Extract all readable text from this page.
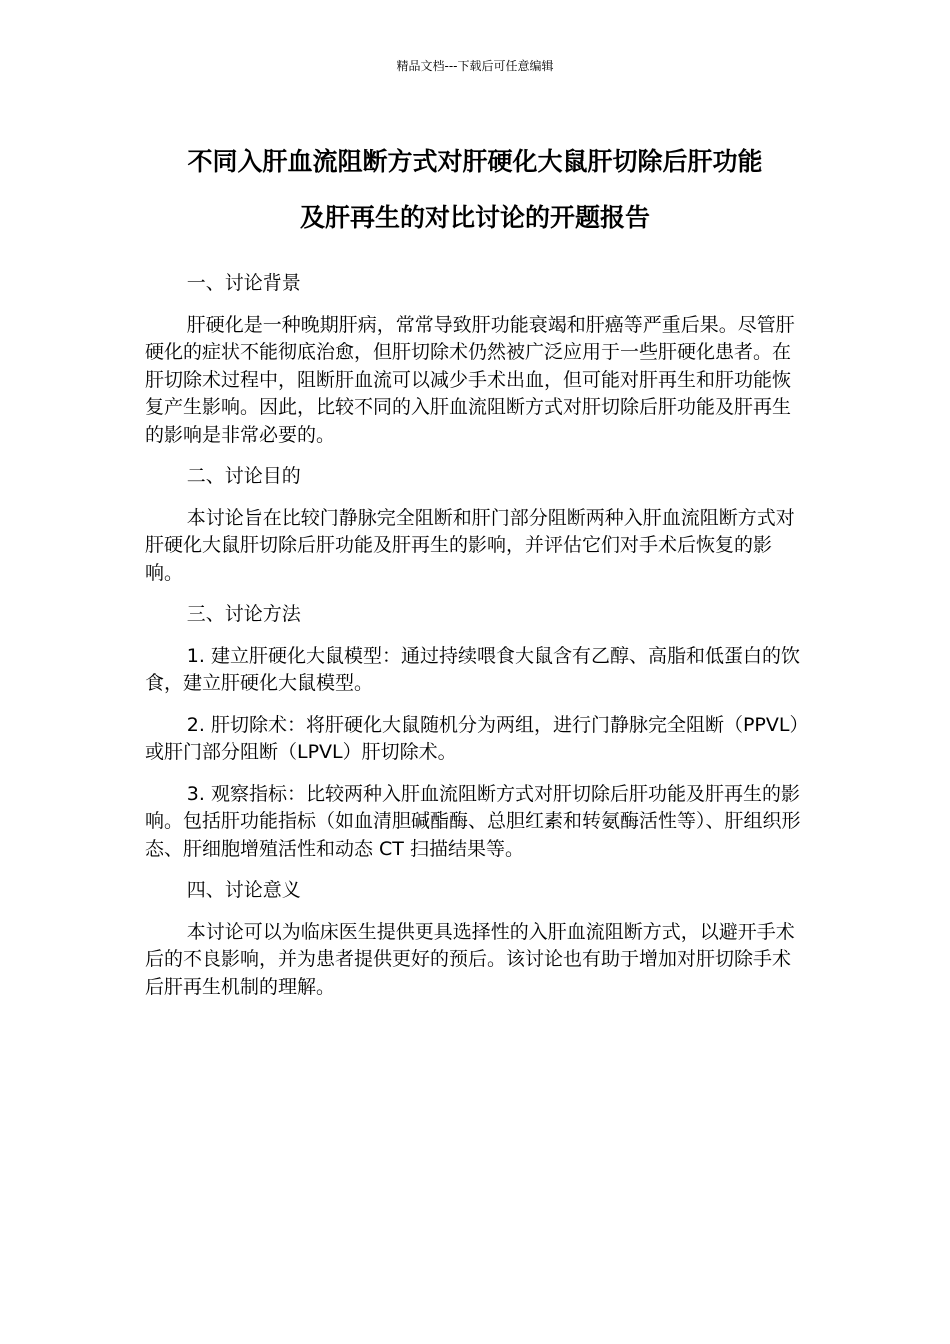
精品文档---下载后可任意编辑
不同入肝血流阻断方式对肝硬化大鼠肝切除后肝功能
及肝再生的对比讨论的开题报告

一、讨论背景

肝硬化是一种晚期肝病，常常导致肝功能衰竭和肝癌等严重后果。尽管肝硬化的症状不能彻底治愈，但肝切除术仍然被广泛应用于一些肝硬化患者。在肝切除术过程中，阻断肝血流可以减少手术出血，但可能对肝再生和肝功能恢复产生影响。因此，比较不同的入肝血流阻断方式对肝切除后肝功能及肝再生的影响是非常必要的。

二、讨论目的

本讨论旨在比较门静脉完全阻断和肝门部分阻断两种入肝血流阻断方式对肝硬化大鼠肝切除后肝功能及肝再生的影响，并评估它们对手术后恢复的影响。

三、讨论方法

1. 建立肝硬化大鼠模型：通过持续喂食大鼠含有乙醇、高脂和低蛋白的饮食，建立肝硬化大鼠模型。

2. 肝切除术：将肝硬化大鼠随机分为两组，进行门静脉完全阻断（PPVL）或肝门部分阻断（LPVL）肝切除术。

3. 观察指标：比较两种入肝血流阻断方式对肝切除后肝功能及肝再生的影响。包括肝功能指标（如血清胆碱酯酶、总胆红素和转氨酶活性等）、肝组织形态、肝细胞增殖活性和动态 CT 扫描结果等。

四、讨论意义

本讨论可以为临床医生提供更具选择性的入肝血流阻断方式，以避开手术后的不良影响，并为患者提供更好的预后。该讨论也有助于增加对肝切除手术后肝再生机制的理解。
